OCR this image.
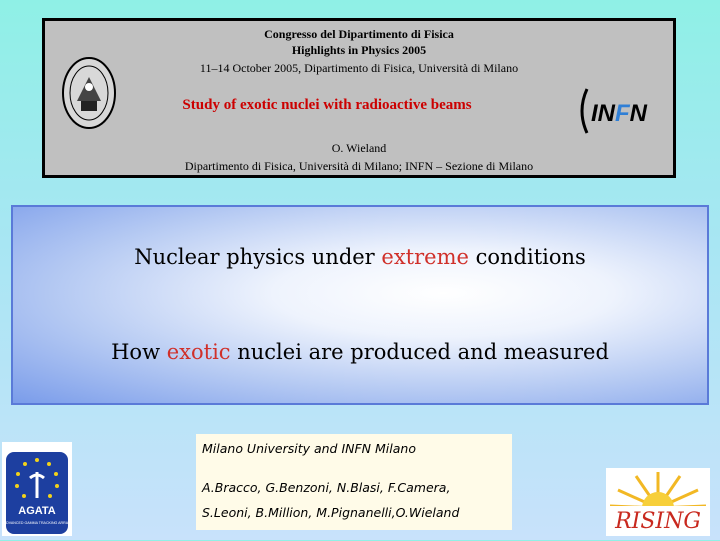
Congresso del Dipartimento di Fisica
Highlights in Physics 2005
11–14 October 2005, Dipartimento di Fisica, Università di Milano
Study of exotic nuclei with radioactive beams
O. Wieland
Dipartimento di Fisica, Università di Milano; INFN – Sezione di Milano
INFN
Nuclear physics under extreme conditions
How exotic nuclei are produced and measured
Milano University and INFN Milano
A.Bracco, G.Benzoni, N.Blasi, F.Camera,
S.Leoni, B.Million, M.Pignanelli,O.Wieland
AGATA
ADVANCED GAMMA TRACKING ARRAY	RISING
